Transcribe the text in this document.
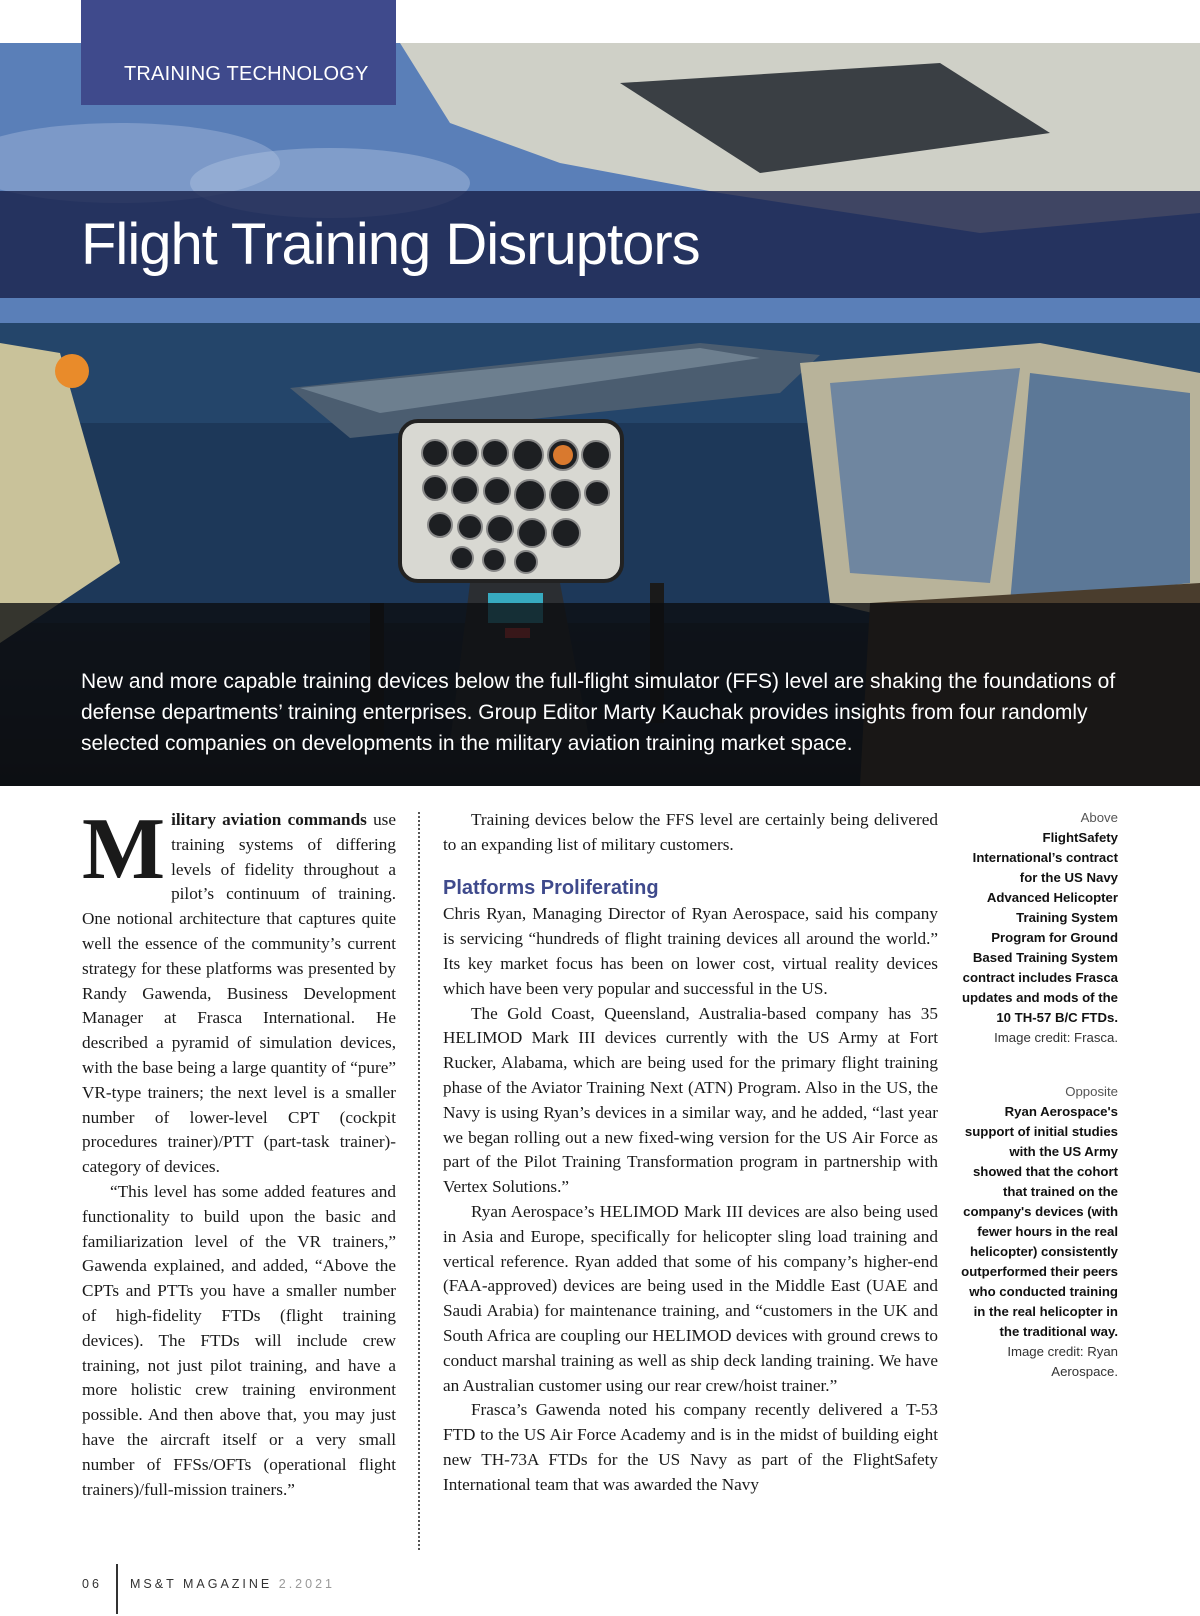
TRAINING TECHNOLOGY
Flight Training Disruptors
New and more capable training devices below the full-flight simulator (FFS) level are shaking the foundations of defense departments’ training enterprises. Group Editor Marty Kauchak provides insights from four randomly selected companies on developments in the military aviation training market space.

Military aviation commands use training systems of differing levels of fidelity throughout a pilot’s continuum of training. One notional architecture that captures quite well the essence of the community’s current strategy for these platforms was presented by Randy Gawenda, Business Development Manager at Frasca International. He described a pyramid of simulation devices, with the base being a large quantity of “pure” VR-type trainers; the next level is a smaller number of lower-level CPT (cockpit procedures trainer)/PTT (part-task trainer)-category of devices.

“This level has some added features and functionality to build upon the basic and familiarization level of the VR trainers,” Gawenda explained, and added, “Above the CPTs and PTTs you have a smaller number of high-fidelity FTDs (flight training devices). The FTDs will include crew training, not just pilot training, and have a more holistic crew training environment possible. And then above that, you may just have the aircraft itself or a very small number of FFSs/OFTs (operational flight trainers)/full-mission trainers.”

Training devices below the FFS level are certainly being delivered to an expanding list of military customers.

Platforms Proliferating

Chris Ryan, Managing Director of Ryan Aerospace, said his company is servicing “hundreds of flight training devices all around the world.” Its key market focus has been on lower cost, virtual reality devices which have been very popular and successful in the US.

The Gold Coast, Queensland, Australia-based company has 35 HELIMOD Mark III devices currently with the US Army at Fort Rucker, Alabama, which are being used for the primary flight training phase of the Aviator Training Next (ATN) Program. Also in the US, the Navy is using Ryan’s devices in a similar way, and he added, “last year we began rolling out a new fixed-wing version for the US Air Force as part of the Pilot Training Transformation program in partnership with Vertex Solutions.”

Ryan Aerospace’s HELIMOD Mark III devices are also being used in Asia and Europe, specifically for helicopter sling load training and vertical reference. Ryan added that some of his company’s higher-end (FAA-approved) devices are being used in the Middle East (UAE and Saudi Arabia) for maintenance training, and “customers in the UK and South Africa are coupling our HELIMOD devices with ground crews to conduct marshal training as well as ship deck landing training. We have an Australian customer using our rear crew/hoist trainer.”

Frasca’s Gawenda noted his company recently delivered a T-53 FTD to the US Air Force Academy and is in the midst of building eight new TH-73A FTDs for the US Navy as part of the FlightSafety International team that was awarded the Navy

Above
FlightSafety International’s contract for the US Navy Advanced Helicopter Training System Program for Ground Based Training System contract includes Frasca updates and mods of the 10 TH-57 B/C FTDs.
Image credit: Frasca.
Opposite
Ryan Aerospace's support of initial studies with the US Army showed that the cohort that trained on the company's devices (with fewer hours in the real helicopter) consistently outperformed their peers who conducted training in the real helicopter in the traditional way.
Image credit: Ryan Aerospace.
06 MS&T MAGAZINE 2.2021
